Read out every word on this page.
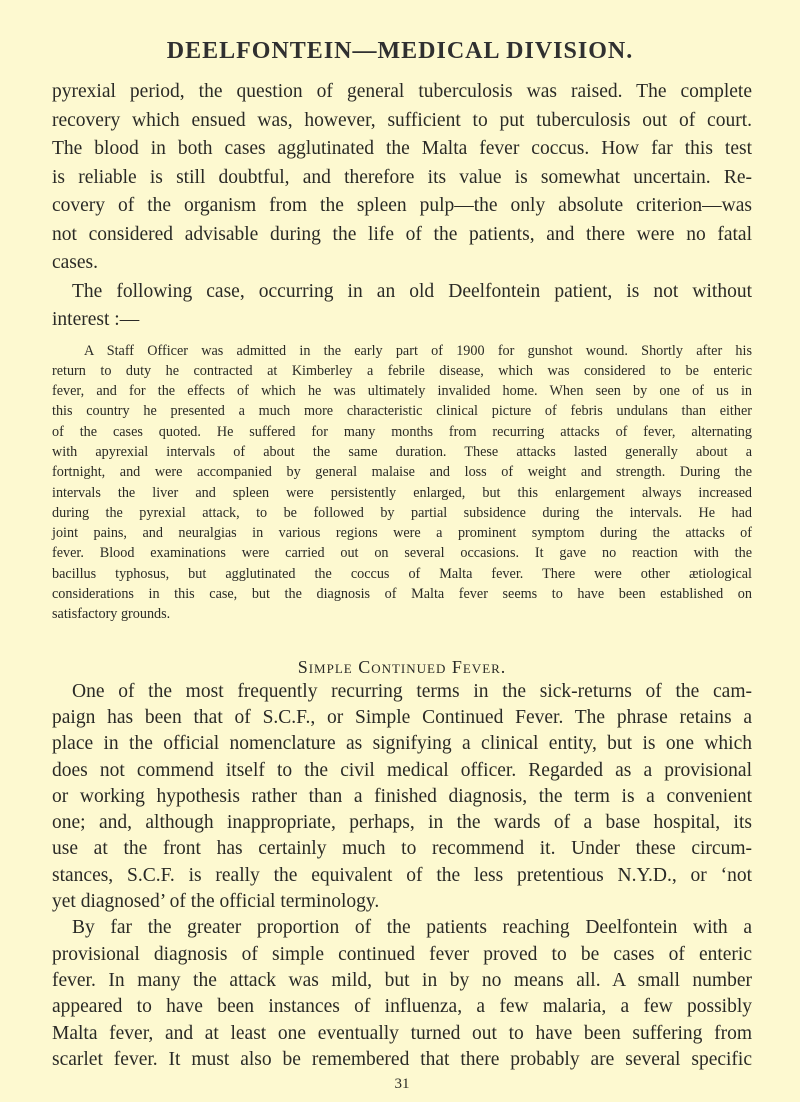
DEELFONTEIN—MEDICAL DIVISION.
pyrexial period, the question of general tuberculosis was raised. The complete
recovery which ensued was, however, sufficient to put tuberculosis out of court.
The blood in both cases agglutinated the Malta fever coccus. How far this test
is reliable is still doubtful, and therefore its value is somewhat uncertain. Re-
covery of the organism from the spleen pulp—the only absolute criterion—was
not considered advisable during the life of the patients, and there were no fatal
cases.
The following case, occurring in an old Deelfontein patient, is not without
interest :—
A Staff Officer was admitted in the early part of 1900 for gunshot wound. Shortly after his
return to duty he contracted at Kimberley a febrile disease, which was considered to be enteric
fever, and for the effects of which he was ultimately invalided home. When seen by one of us in
this country he presented a much more characteristic clinical picture of febris undulans than either
of the cases quoted. He suffered for many months from recurring attacks of fever, alternating
with apyrexial intervals of about the same duration. These attacks lasted generally about a
fortnight, and were accompanied by general malaise and loss of weight and strength. During the
intervals the liver and spleen were persistently enlarged, but this enlargement always increased
during the pyrexial attack, to be followed by partial subsidence during the intervals. He had
joint pains, and neuralgias in various regions were a prominent symptom during the attacks of
fever. Blood examinations were carried out on several occasions. It gave no reaction with the
bacillus typhosus, but agglutinated the coccus of Malta fever. There were other ætiological
considerations in this case, but the diagnosis of Malta fever seems to have been established on
satisfactory grounds.
Simple Continued Fever.
One of the most frequently recurring terms in the sick-returns of the cam-
paign has been that of S.C.F., or Simple Continued Fever. The phrase retains a
place in the official nomenclature as signifying a clinical entity, but is one which
does not commend itself to the civil medical officer. Regarded as a provisional
or working hypothesis rather than a finished diagnosis, the term is a convenient
one; and, although inappropriate, perhaps, in the wards of a base hospital, its
use at the front has certainly much to recommend it. Under these circum-
stances, S.C.F. is really the equivalent of the less pretentious N.Y.D., or ‘not
yet diagnosed’ of the official terminology.
By far the greater proportion of the patients reaching Deelfontein with a
provisional diagnosis of simple continued fever proved to be cases of enteric
fever. In many the attack was mild, but in by no means all. A small number
appeared to have been instances of influenza, a few malaria, a few possibly
Malta fever, and at least one eventually turned out to have been suffering from
scarlet fever. It must also be remembered that there probably are several specific
31
